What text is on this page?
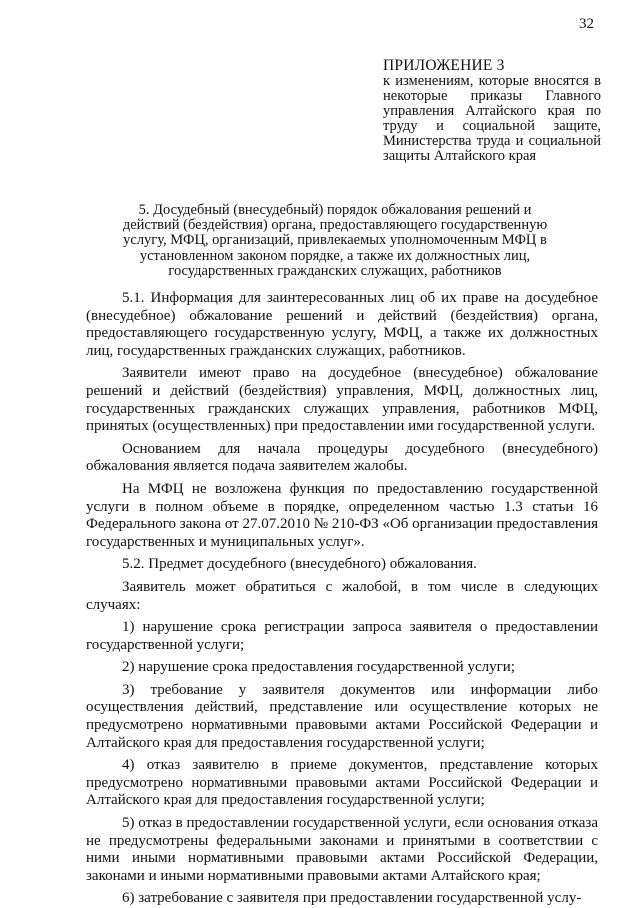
32
ПРИЛОЖЕНИЕ 3
к изменениям, которые вносятся в некоторые приказы Главного управления Алтайского края по труду и социальной защите, Министерства труда и социальной защиты Алтайского края
5. Досудебный (внесудебный) порядок обжалования решений и действий (бездействия) органа, предоставляющего государственную услугу, МФЦ, организаций, привлекаемых уполномоченным МФЦ в установленном законом порядке, а также их должностных лиц, государственных гражданских служащих, работников

5.1. Информация для заинтересованных лиц об их праве на досудебное (внесудебное) обжалование решений и действий (бездействия) органа, предоставляющего государственную услугу, МФЦ, а также их должностных лиц, государственных гражданских служащих, работников.

Заявители имеют право на досудебное (внесудебное) обжалование решений и действий (бездействия) управления, МФЦ, должностных лиц, государственных гражданских служащих управления, работников МФЦ, принятых (осуществленных) при предоставлении ими государственной услуги.

Основанием для начала процедуры досудебного (внесудебного) обжалования является подача заявителем жалобы.

На МФЦ не возложена функция по предоставлению государственной услуги в полном объеме в порядке, определенном частью 1.3 статьи 16 Федерального закона от 27.07.2010 № 210-ФЗ «Об организации предоставления государственных и муниципальных услуг».

5.2. Предмет досудебного (внесудебного) обжалования.

Заявитель может обратиться с жалобой, в том числе в следующих случаях:

1) нарушение срока регистрации запроса заявителя о предоставлении государственной услуги;

2) нарушение срока предоставления государственной услуги;

3) требование у заявителя документов или информации либо осуществления действий, представление или осуществление которых не предусмотрено нормативными правовыми актами Российской Федерации и Алтайского края для предоставления государственной услуги;

4) отказ заявителю в приеме документов, представление которых предусмотрено нормативными правовыми актами Российской Федерации и Алтайского края для предоставления государственной услуги;

5) отказ в предоставлении государственной услуги, если основания отказа не предусмотрены федеральными законами и принятыми в соответствии с ними иными нормативными правовыми актами Российской Федерации, законами и иными нормативными правовыми актами Алтайского края;

6) затребование с заявителя при предоставлении государственной услу-
